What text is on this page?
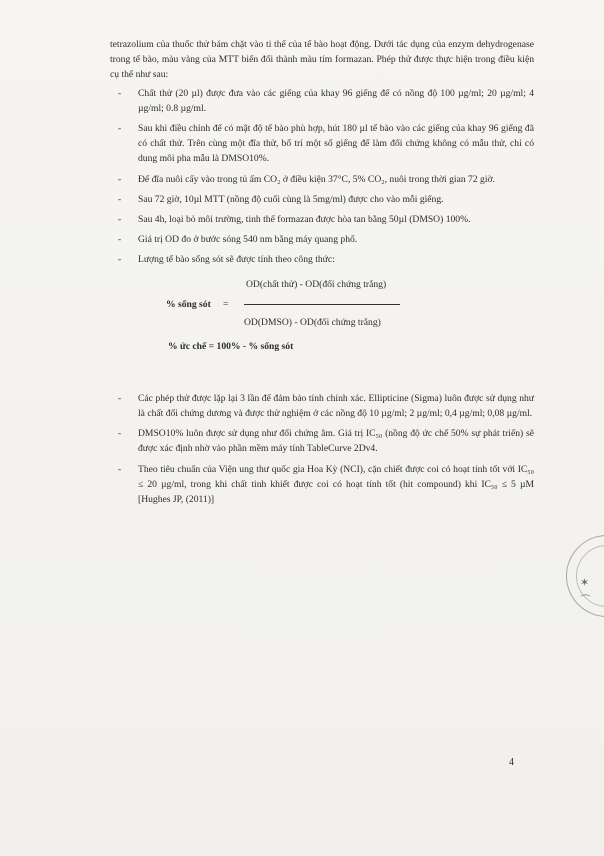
tetrazolium của thuốc thử bám chặt vào ti thể của tế bào hoạt động. Dưới tác dụng của enzym dehydrogenase trong tế bào, màu vàng của MTT biến đổi thành màu tím formazan. Phép thử được thực hiện trong điều kiện cụ thể như sau:

- Chất thử (20 µl) được đưa vào các giếng của khay 96 giếng để có nồng độ 100 µg/ml; 20 µg/ml; 4 µg/ml; 0.8 µg/ml.
- Sau khi điều chỉnh để có mật độ tế bào phù hợp, hút 180 µl tế bào vào các giếng của khay 96 giếng đã có chất thử. Trên cùng một đĩa thử, bố trí một số giếng để làm đối chứng không có mẫu thử, chỉ có dung môi pha mẫu là DMSO10%.
- Để đĩa nuôi cấy vào trong tủ ấm CO₂ ở điều kiện 37°C, 5% CO₂, nuôi trong thời gian 72 giờ.
- Sau 72 giờ, 10µl MTT (nồng độ cuối cùng là 5mg/ml) được cho vào mỗi giếng.
- Sau 4h, loại bỏ môi trường, tinh thể formazan được hòa tan bằng 50µl (DMSO) 100%.
- Giá trị OD đo ở bước sóng 540 nm bằng máy quang phổ.
- Lượng tế bào sống sót sẽ được tính theo công thức:
% sống sót =
OD(chất thử) - OD(đối chứng trắng)
OD(DMSO) - OD(đối chứng trắng)
% ức chế = 100% - % sống sót
- Các phép thử được lặp lại 3 lần để đảm bảo tính chính xác. Ellipticine (Sigma) luôn được sử dụng như là chất đối chứng dương và được thử nghiệm ở các nồng độ 10 µg/ml; 2 µg/ml; 0,4 µg/ml; 0,08 µg/ml.
- DMSO10% luôn được sử dụng như đối chứng âm. Giá trị IC₅₀ (nồng độ ức chế 50% sự phát triển) sẽ được xác định nhờ vào phần mềm máy tính TableCurve 2Dv4.
- Theo tiêu chuẩn của Viện ung thư quốc gia Hoa Kỳ (NCI), cặn chiết được coi có hoạt tính tốt với IC₅₀ ≤ 20 µg/ml, trong khi chất tinh khiết được coi có hoạt tính tốt (hit compound) khi IC₅₀ ≤ 5 µM [Hughes JP, (2011)]
✶
⌒
4
